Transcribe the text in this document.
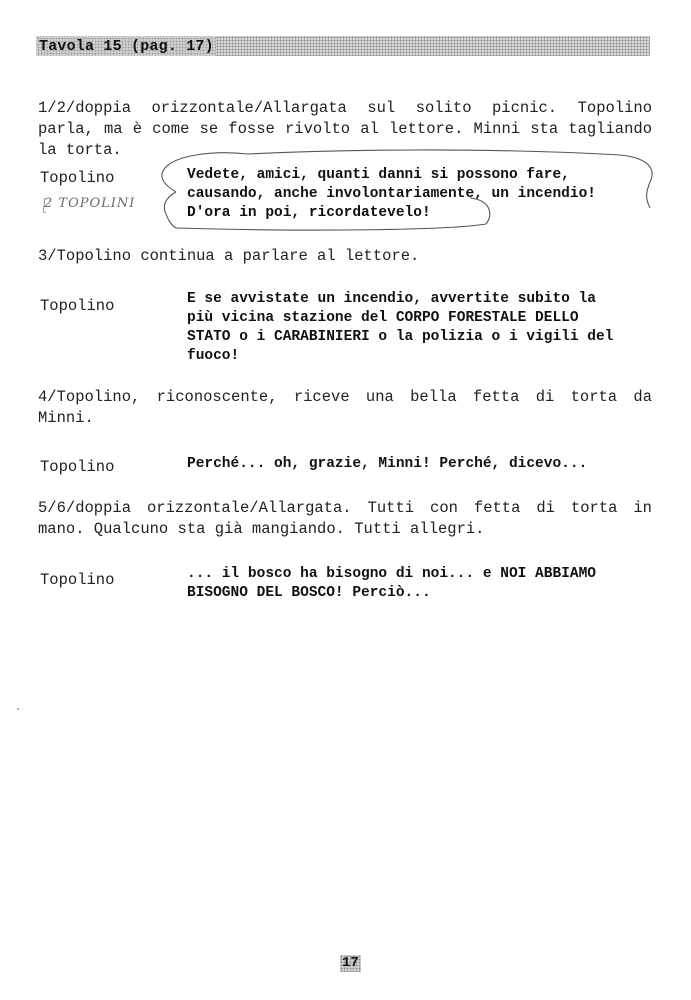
Tavola 15 (pag. 17)
1/2/doppia orizzontale/Allargata sul solito picnic. Topolino parla, ma è come se fosse rivolto al lettore. Minni sta tagliando la torta.
Topolino	Vedete, amici, quanti danni si possono fare,
causando, anche involontariamente, un incendio!
D'ora in poi, ricordatevelo!
2 TOPOLINI
3/Topolino continua a parlare al lettore.
Topolino	E se avvistate un incendio, avvertite subito la
più vicina stazione del CORPO FORESTALE DELLO
STATO o i CARABINIERI o la polizia o i vigili del
fuoco!
4/Topolino, riconoscente, riceve una bella fetta di torta da Minni.
Topolino	Perché... oh, grazie, Minni! Perché, dicevo...
5/6/doppia orizzontale/Allargata. Tutti con fetta di torta in mano. Qualcuno sta già mangiando. Tutti allegri.
Topolino	... il bosco ha bisogno di noi... e NOI ABBIAMO
BISOGNO DEL BOSCO! Perciò...
17
